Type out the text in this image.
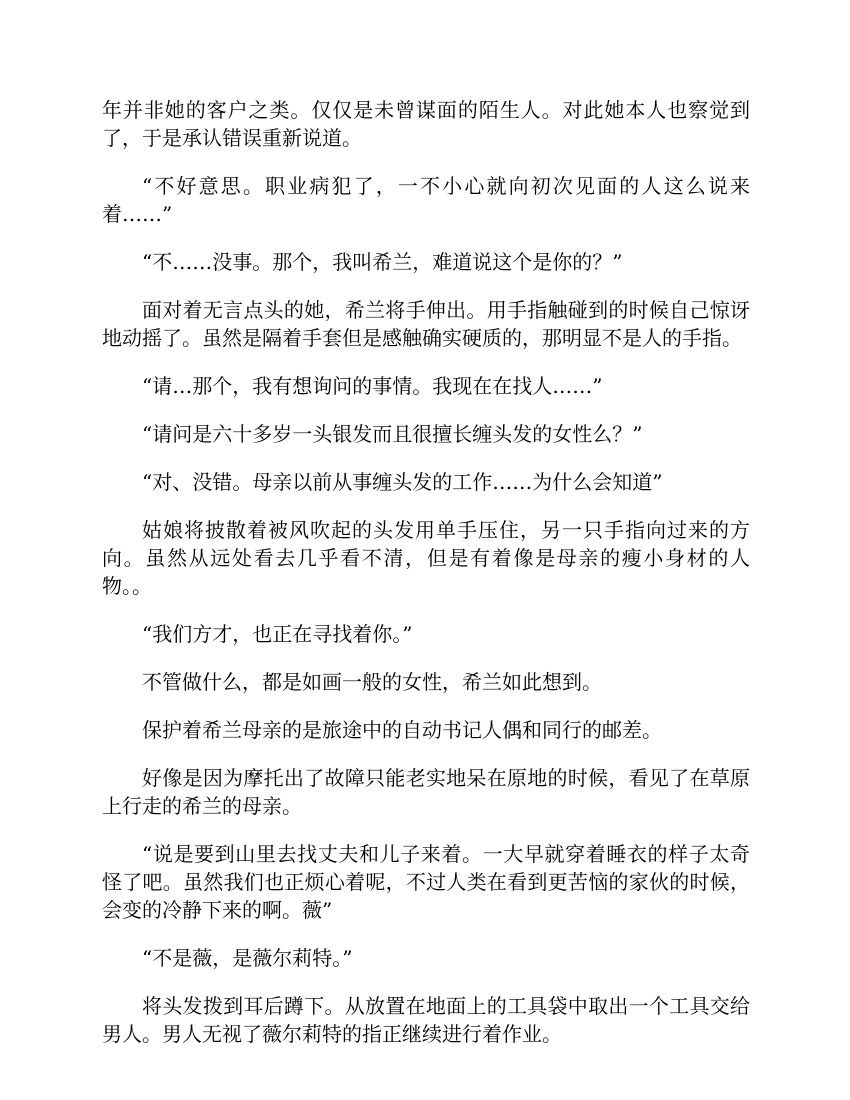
年并非她的客户之类。仅仅是未曾谋面的陌生人。对此她本人也察觉到了，于是承认错误重新说道。

“不好意思。职业病犯了，一不小心就向初次见面的人这么说来着……”

“不……没事。那个，我叫希兰，难道说这个是你的？”

面对着无言点头的她，希兰将手伸出。用手指触碰到的时候自己惊讶地动摇了。虽然是隔着手套但是感触确实硬质的，那明显不是人的手指。

“请…那个，我有想询问的事情。我现在在找人……”

“请问是六十多岁一头银发而且很擅长缠头发的女性么？”

“对、没错。母亲以前从事缠头发的工作……为什么会知道”

姑娘将披散着被风吹起的头发用单手压住，另一只手指向过来的方向。虽然从远处看去几乎看不清，但是有着像是母亲的瘦小身材的人物。。

“我们方才，也正在寻找着你。”

不管做什么，都是如画一般的女性，希兰如此想到。

保护着希兰母亲的是旅途中的自动书记人偶和同行的邮差。

好像是因为摩托出了故障只能老实地呆在原地的时候，看见了在草原上行走的希兰的母亲。

“说是要到山里去找丈夫和儿子来着。一大早就穿着睡衣的样子太奇怪了吧。虽然我们也正烦心着呢，不过人类在看到更苦恼的家伙的时候，会变的冷静下来的啊。薇”

“不是薇，是薇尔莉特。”

将头发拨到耳后蹲下。从放置在地面上的工具袋中取出一个工具交给男人。男人无视了薇尔莉特的指正继续进行着作业。
